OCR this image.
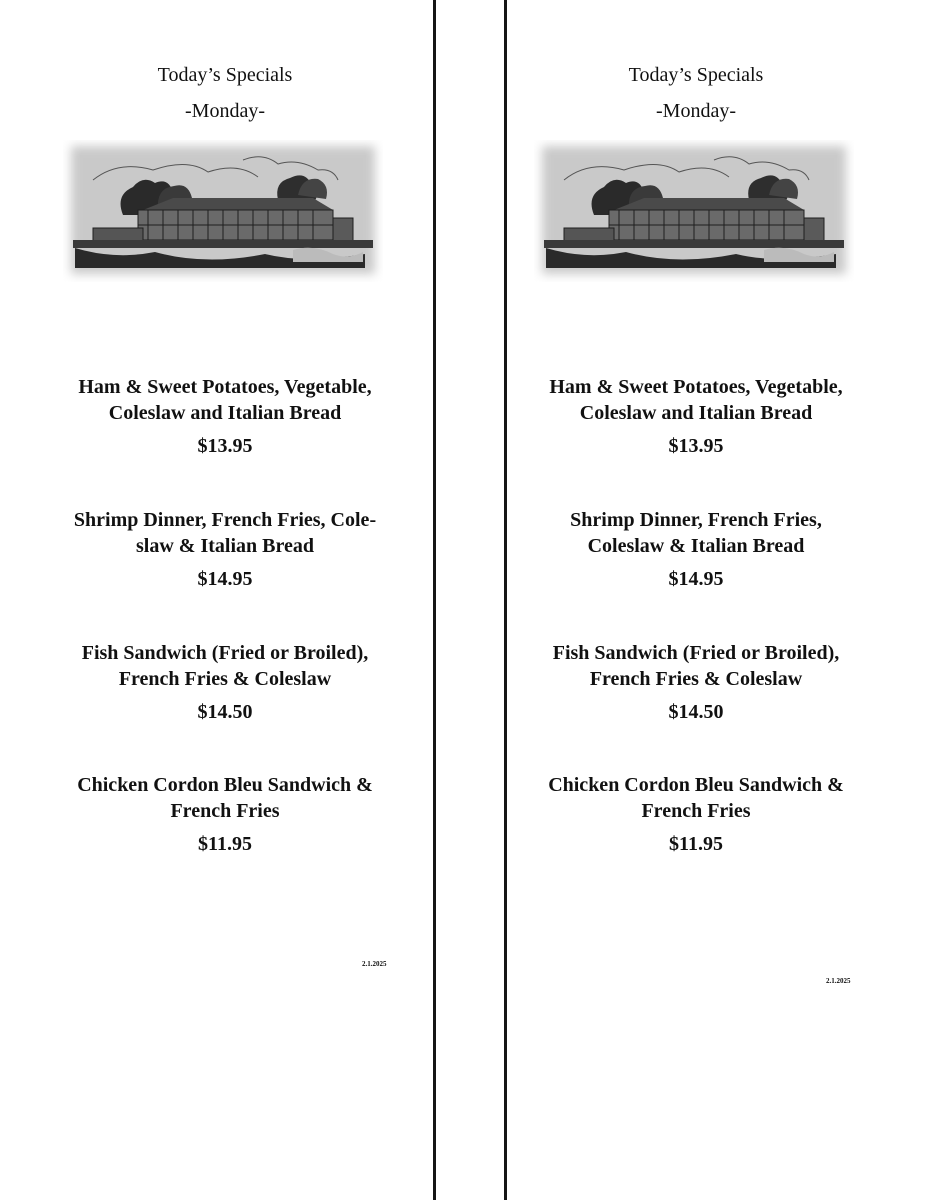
Today’s Specials
-Monday-
Ham & Sweet Potatoes, Vegetable,
Coleslaw and Italian Bread
$13.95
Shrimp Dinner, French Fries, Cole-
slaw & Italian Bread
$14.95
Fish Sandwich (Fried or Broiled),
French Fries & Coleslaw
$14.50
Chicken Cordon Bleu Sandwich &
French Fries
$11.95
2.1.2025
Today’s Specials
-Monday-
Ham & Sweet Potatoes, Vegetable,
Coleslaw and Italian Bread
$13.95
Shrimp Dinner, French Fries,
Coleslaw & Italian Bread
$14.95
Fish Sandwich (Fried or Broiled),
French Fries & Coleslaw
$14.50
Chicken Cordon Bleu Sandwich &
French Fries
$11.95
2.1.2025
